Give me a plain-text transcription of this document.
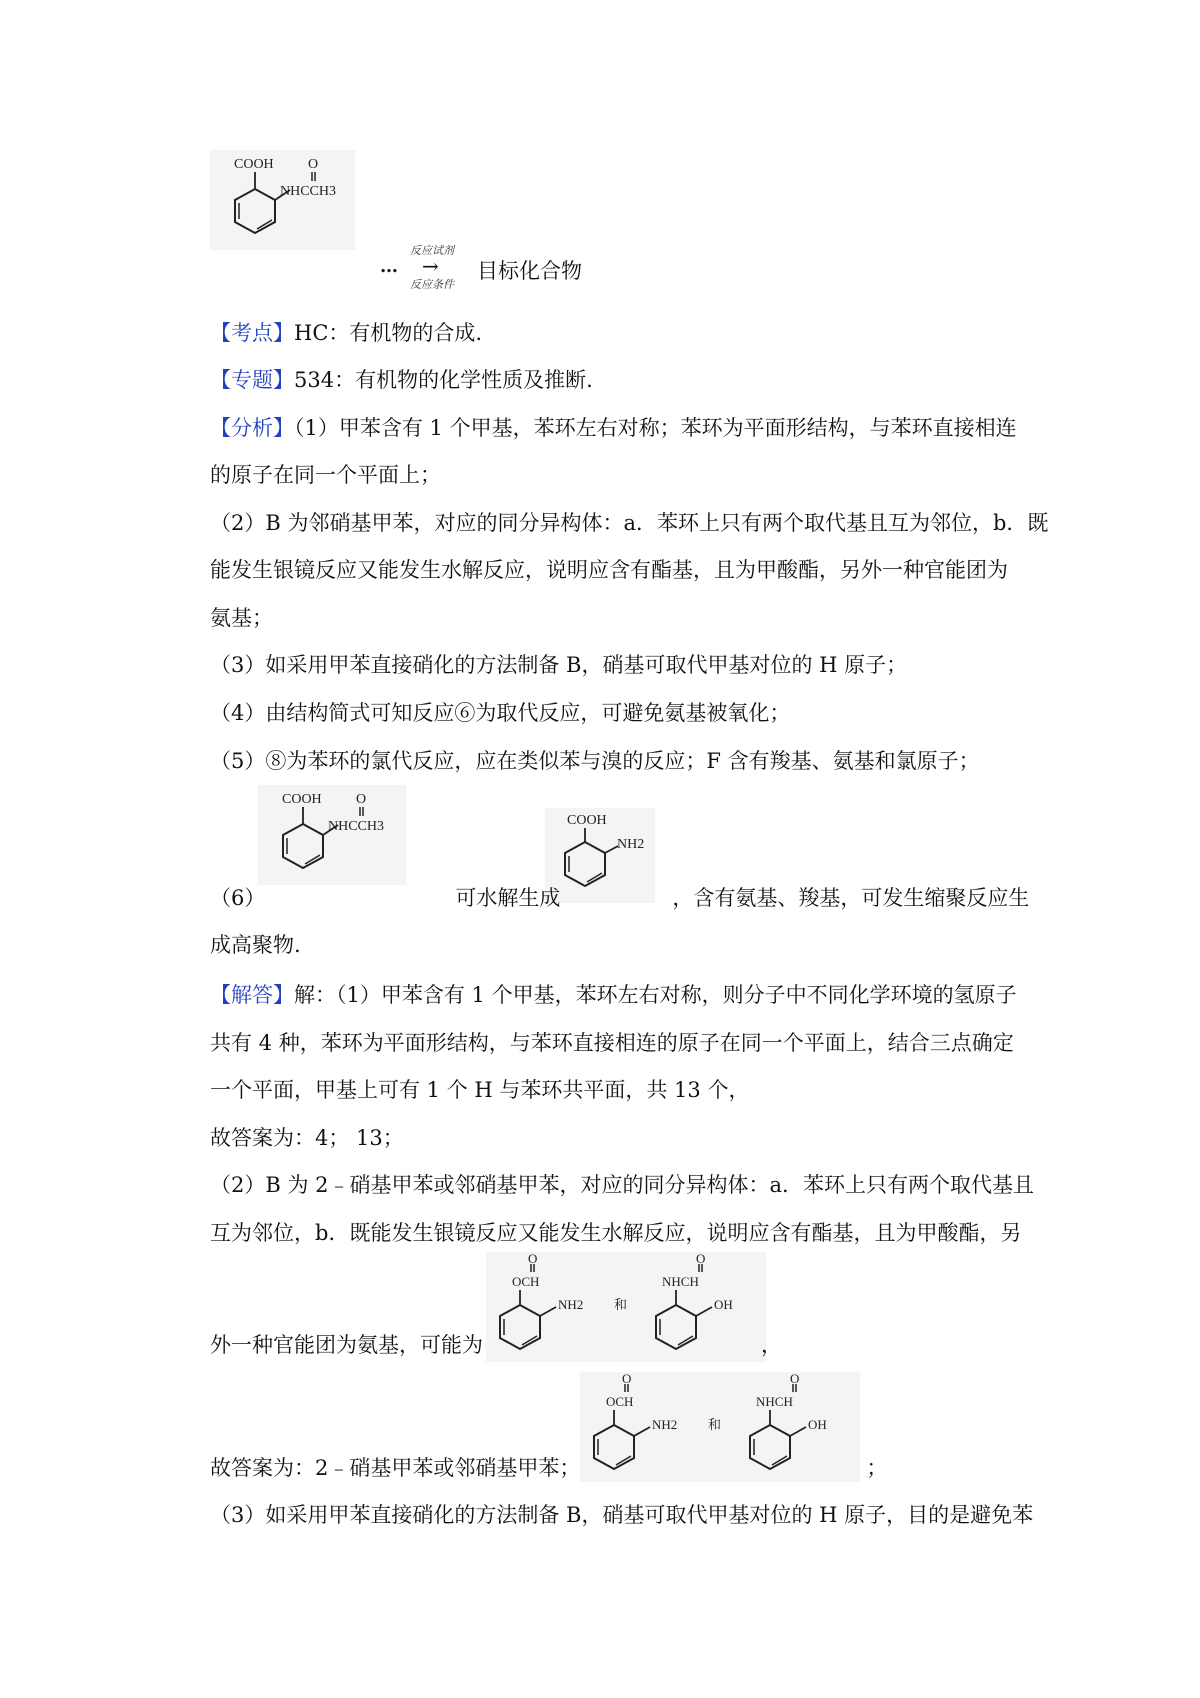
COOH O
NHCCH3
…
反应试剂
→
反应条件
目标化合物
【考点】HC：有机物的合成.
【专题】534：有机物的化学性质及推断.
【分析】（1）甲苯含有 1 个甲基，苯环左右对称；苯环为平面形结构，与苯环直接相连
的原子在同一个平面上；
（2）B 为邻硝基甲苯，对应的同分异构体：a．苯环上只有两个取代基且互为邻位，b．既
能发生银镜反应又能发生水解反应，说明应含有酯基，且为甲酸酯，另外一种官能团为
氨基；
（3）如采用甲苯直接硝化的方法制备 B，硝基可取代甲基对位的 H 原子；
（4）由结构简式可知反应⑥为取代反应，可避免氨基被氧化；
（5）⑧为苯环的氯代反应，应在类似苯与溴的反应；F 含有羧基、氨基和氯原子；
COOH O
NHCCH3	COOH
NH2
（6）	可水解生成	，含有氨基、羧基，可发生缩聚反应生
成高聚物.
【解答】解：（1）甲苯含有 1 个甲基，苯环左右对称，则分子中不同化学环境的氢原子
共有 4 种，苯环为平面形结构，与苯环直接相连的原子在同一个平面上，结合三点确定
一个平面，甲基上可有 1 个 H 与苯环共平面，共 13 个，
故答案为：4； 13；
（2）B 为 2﹣硝基甲苯或邻硝基甲苯，对应的同分异构体：a．苯环上只有两个取代基且
互为邻位，b．既能发生银镜反应又能发生水解反应，说明应含有酯基，且为甲酸酯，另
O
OCH
NH2 和
O
NHCH
OH
外一种官能团为氨基，可能为	，
O
OCH
NH2 和
O
NHCH
OH
故答案为：2﹣硝基甲苯或邻硝基甲苯；	；
（3）如采用甲苯直接硝化的方法制备 B，硝基可取代甲基对位的 H 原子，目的是避免苯
